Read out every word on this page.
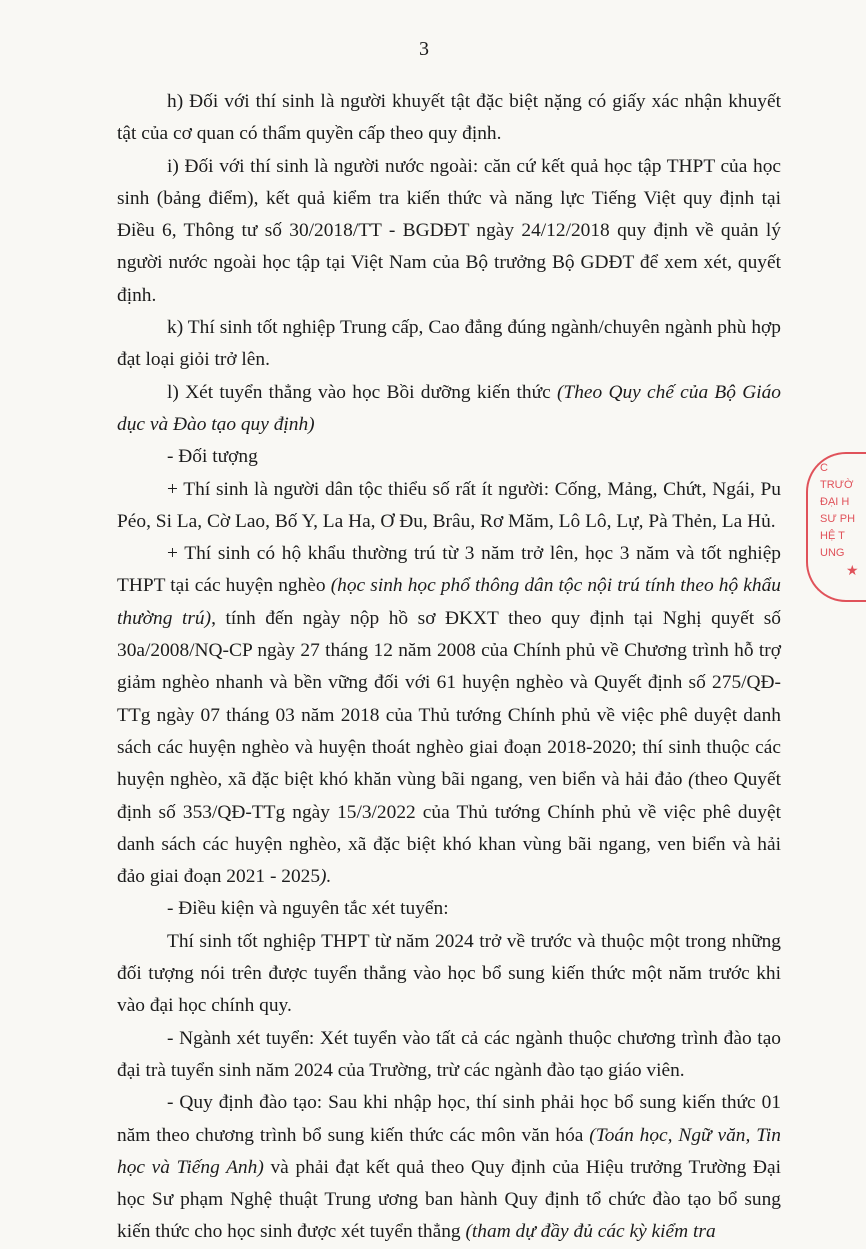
3

h) Đối với thí sinh là người khuyết tật đặc biệt nặng có giấy xác nhận khuyết tật của cơ quan có thẩm quyền cấp theo quy định.

i) Đối với thí sinh là người nước ngoài: căn cứ kết quả học tập THPT của học sinh (bảng điểm), kết quả kiểm tra kiến thức và năng lực Tiếng Việt quy định tại Điều 6, Thông tư số 30/2018/TT - BGDĐT ngày 24/12/2018 quy định về quản lý người nước ngoài học tập tại Việt Nam của Bộ trưởng Bộ GDĐT để xem xét, quyết định.

k) Thí sinh tốt nghiệp Trung cấp, Cao đẳng đúng ngành/chuyên ngành phù hợp đạt loại giỏi trở lên.

l) Xét tuyển thẳng vào học Bồi dưỡng kiến thức (Theo Quy chế của Bộ Giáo dục và Đào tạo quy định)

- Đối tượng

+ Thí sinh là người dân tộc thiểu số rất ít người: Cống, Mảng, Chứt, Ngái, Pu Péo, Si La, Cờ Lao, Bố Y, La Ha, Ơ Đu, Brâu, Rơ Măm, Lô Lô, Lự, Pà Thẻn, La Hủ.

+ Thí sinh có hộ khẩu thường trú từ 3 năm trở lên, học 3 năm và tốt nghiệp THPT tại các huyện nghèo (học sinh học phổ thông dân tộc nội trú tính theo hộ khẩu thường trú), tính đến ngày nộp hồ sơ ĐKXT theo quy định tại Nghị quyết số 30a/2008/NQ-CP ngày 27 tháng 12 năm 2008 của Chính phủ về Chương trình hỗ trợ giảm nghèo nhanh và bền vững đối với 61 huyện nghèo và Quyết định số 275/QĐ-TTg ngày 07 tháng 03 năm 2018 của Thủ tướng Chính phủ về việc phê duyệt danh sách các huyện nghèo và huyện thoát nghèo giai đoạn 2018-2020; thí sinh thuộc các huyện nghèo, xã đặc biệt khó khăn vùng bãi ngang, ven biển và hải đảo (theo Quyết định số 353/QĐ-TTg ngày 15/3/2022 của Thủ tướng Chính phủ về việc phê duyệt danh sách các huyện nghèo, xã đặc biệt khó khan vùng bãi ngang, ven biển và hải đảo giai đoạn 2021 - 2025).

- Điều kiện và nguyên tắc xét tuyển:

Thí sinh tốt nghiệp THPT từ năm 2024 trở về trước và thuộc một trong những đối tượng nói trên được tuyển thẳng vào học bổ sung kiến thức một năm trước khi vào đại học chính quy.

- Ngành xét tuyển: Xét tuyển vào tất cả các ngành thuộc chương trình đào tạo đại trà tuyển sinh năm 2024 của Trường, trừ các ngành đào tạo giáo viên.

- Quy định đào tạo: Sau khi nhập học, thí sinh phải học bổ sung kiến thức 01 năm theo chương trình bổ sung kiến thức các môn văn hóa (Toán học, Ngữ văn, Tin học và Tiếng Anh) và phải đạt kết quả theo Quy định của Hiệu trưởng Trường Đại học Sư phạm Nghệ thuật Trung ương ban hành Quy định tổ chức đào tạo bổ sung kiến thức cho học sinh được xét tuyển thẳng (tham dự đầy đủ các kỳ kiểm tra

C
TRƯỜ
ĐẠI H
SƯ PH
HỆ T
UNG
★
